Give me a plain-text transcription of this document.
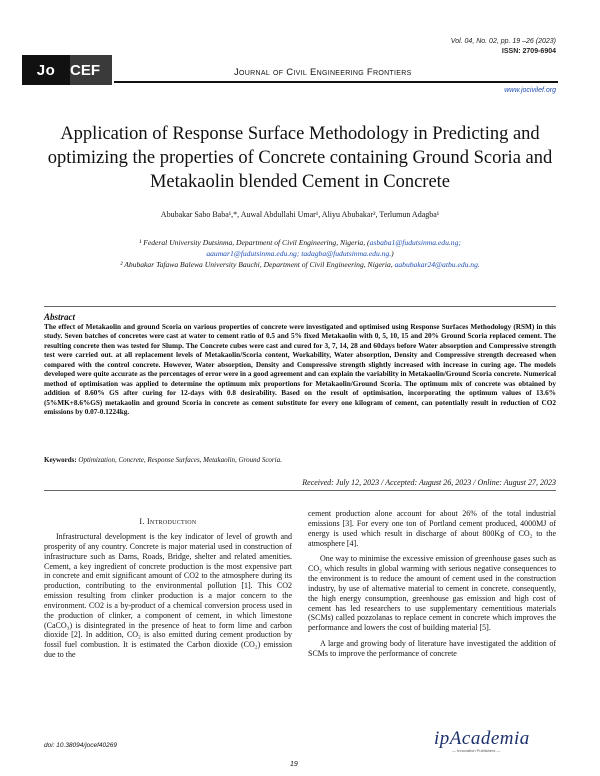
Vol. 04, No. 02, pp. 19 –26 (2023)
ISSN: 2709-6904
Jo CEF	Journal of Civil Engineering Frontiers
www.jocivilef.org
Application of Response Surface Methodology in Predicting and optimizing the properties of Concrete containing Ground Scoria and Metakaolin blended Cement in Concrete
Abubakar Sabo Baba¹,*, Auwal Abdullahi Umar¹, Aliyu Abubakar², Terlumun Adagba¹
¹ Federal University Dutsinma, Department of Civil Engineering, Nigeria, (asbaba1@fudutsinma.edu.ng;
aaumar1@fudutsinma.edu.ng; tadagba@fudutsinma.edu.ng.)
² Abubakar Tafawa Balewa University Bauchi, Department of Civil Engineering, Nigeria, aabubakar24@atbu.edu.ng.
Abstract
The effect of Metakaolin and ground Scoria on various properties of concrete were investigated and optimised using Response Surfaces Methodology (RSM) in this study. Seven batches of concretes were cast at water to cement ratio of 0.5 and 5% fixed Metakaolin with 0, 5, 10, 15 and 20% Ground Scoria replaced cement. The resulting concrete then was tested for Slump. The Concrete cubes were cast and cured for 3, 7, 14, 28 and 60days before Water absorption and Compressive strength test were carried out. at all replacement levels of Metakaolin/Scoria content, Workability, Water absorption, Density and Compressive strength decreased when compared with the control concrete. However, Water absorption, Density and Compressive strength slightly increased with increase in curing age. The models developed were quite accurate as the percentages of error were in a good agreement and can explain the variability in Metakaolin/Ground Scoria concrete. Numerical method of optimisation was applied to determine the optimum mix proportions for Metakaolin/Ground Scoria. The optimum mix of concrete was obtained by addition of 8.60% GS after curing for 12-days with 0.8 desirability. Based on the result of optimisation, incorporating the optimum values of 13.6% (5%MK+8.6%GS) metakaolin and ground Scoria in concrete as cement substitute for every one kilogram of cement, can potentially result in reduction of CO2 emissions by 0.07-0.1224kg.
Keywords: Optimization, Concrete, Response Surfaces, Metakaolin, Ground Scoria.
Received: July 12, 2023 / Accepted: August 26, 2023 / Online: August 27, 2023
I. Introduction

Infrastructural development is the key indicator of level of growth and prosperity of any country. Concrete is major material used in construction of infrastructure such as Dams, Roads, Bridge, shelter and related amenities. Cement, a key ingredient of concrete production is the most expensive part in concrete and emit significant amount of CO2 to the atmosphere during its production, contributing to the environmental pollution [1]. This CO2 emission resulting from clinker production is a major concern to the environment. CO2 is a by-product of a chemical conversion process used in the production of clinker, a component of cement, in which limestone (CaCO₃) is disintegrated in the presence of heat to form lime and carbon dioxide [2]. In addition, CO₂ is also emitted during cement production by fossil fuel combustion. It is estimated the Carbon dioxide (CO₂) emission due to the

cement production alone account for about 26% of the total industrial emissions [3]. For every one ton of Portland cement produced, 4000MJ of energy is used which result in discharge of about 800Kg of CO₂ to the atmosphere [4].

One way to minimise the excessive emission of greenhouse gases such as CO₂ which results in global warming with serious negative consequences to the environment is to reduce the amount of cement used in the construction industry, by use of alternative material to cement in concrete. consequently, the high energy consumption, greenhouse gas emission and high cost of cement has led researchers to use supplementary cementitious materials (SCMs) called pozzolanas to replace cement in concrete which improves the performance and lowers the cost of building material [5].

A large and growing body of literature have investigated the addition of SCMs to improve the performance of concrete

doi: 10.38094/jocef40269	ipAcademia
— Innovation Publishers —
19
